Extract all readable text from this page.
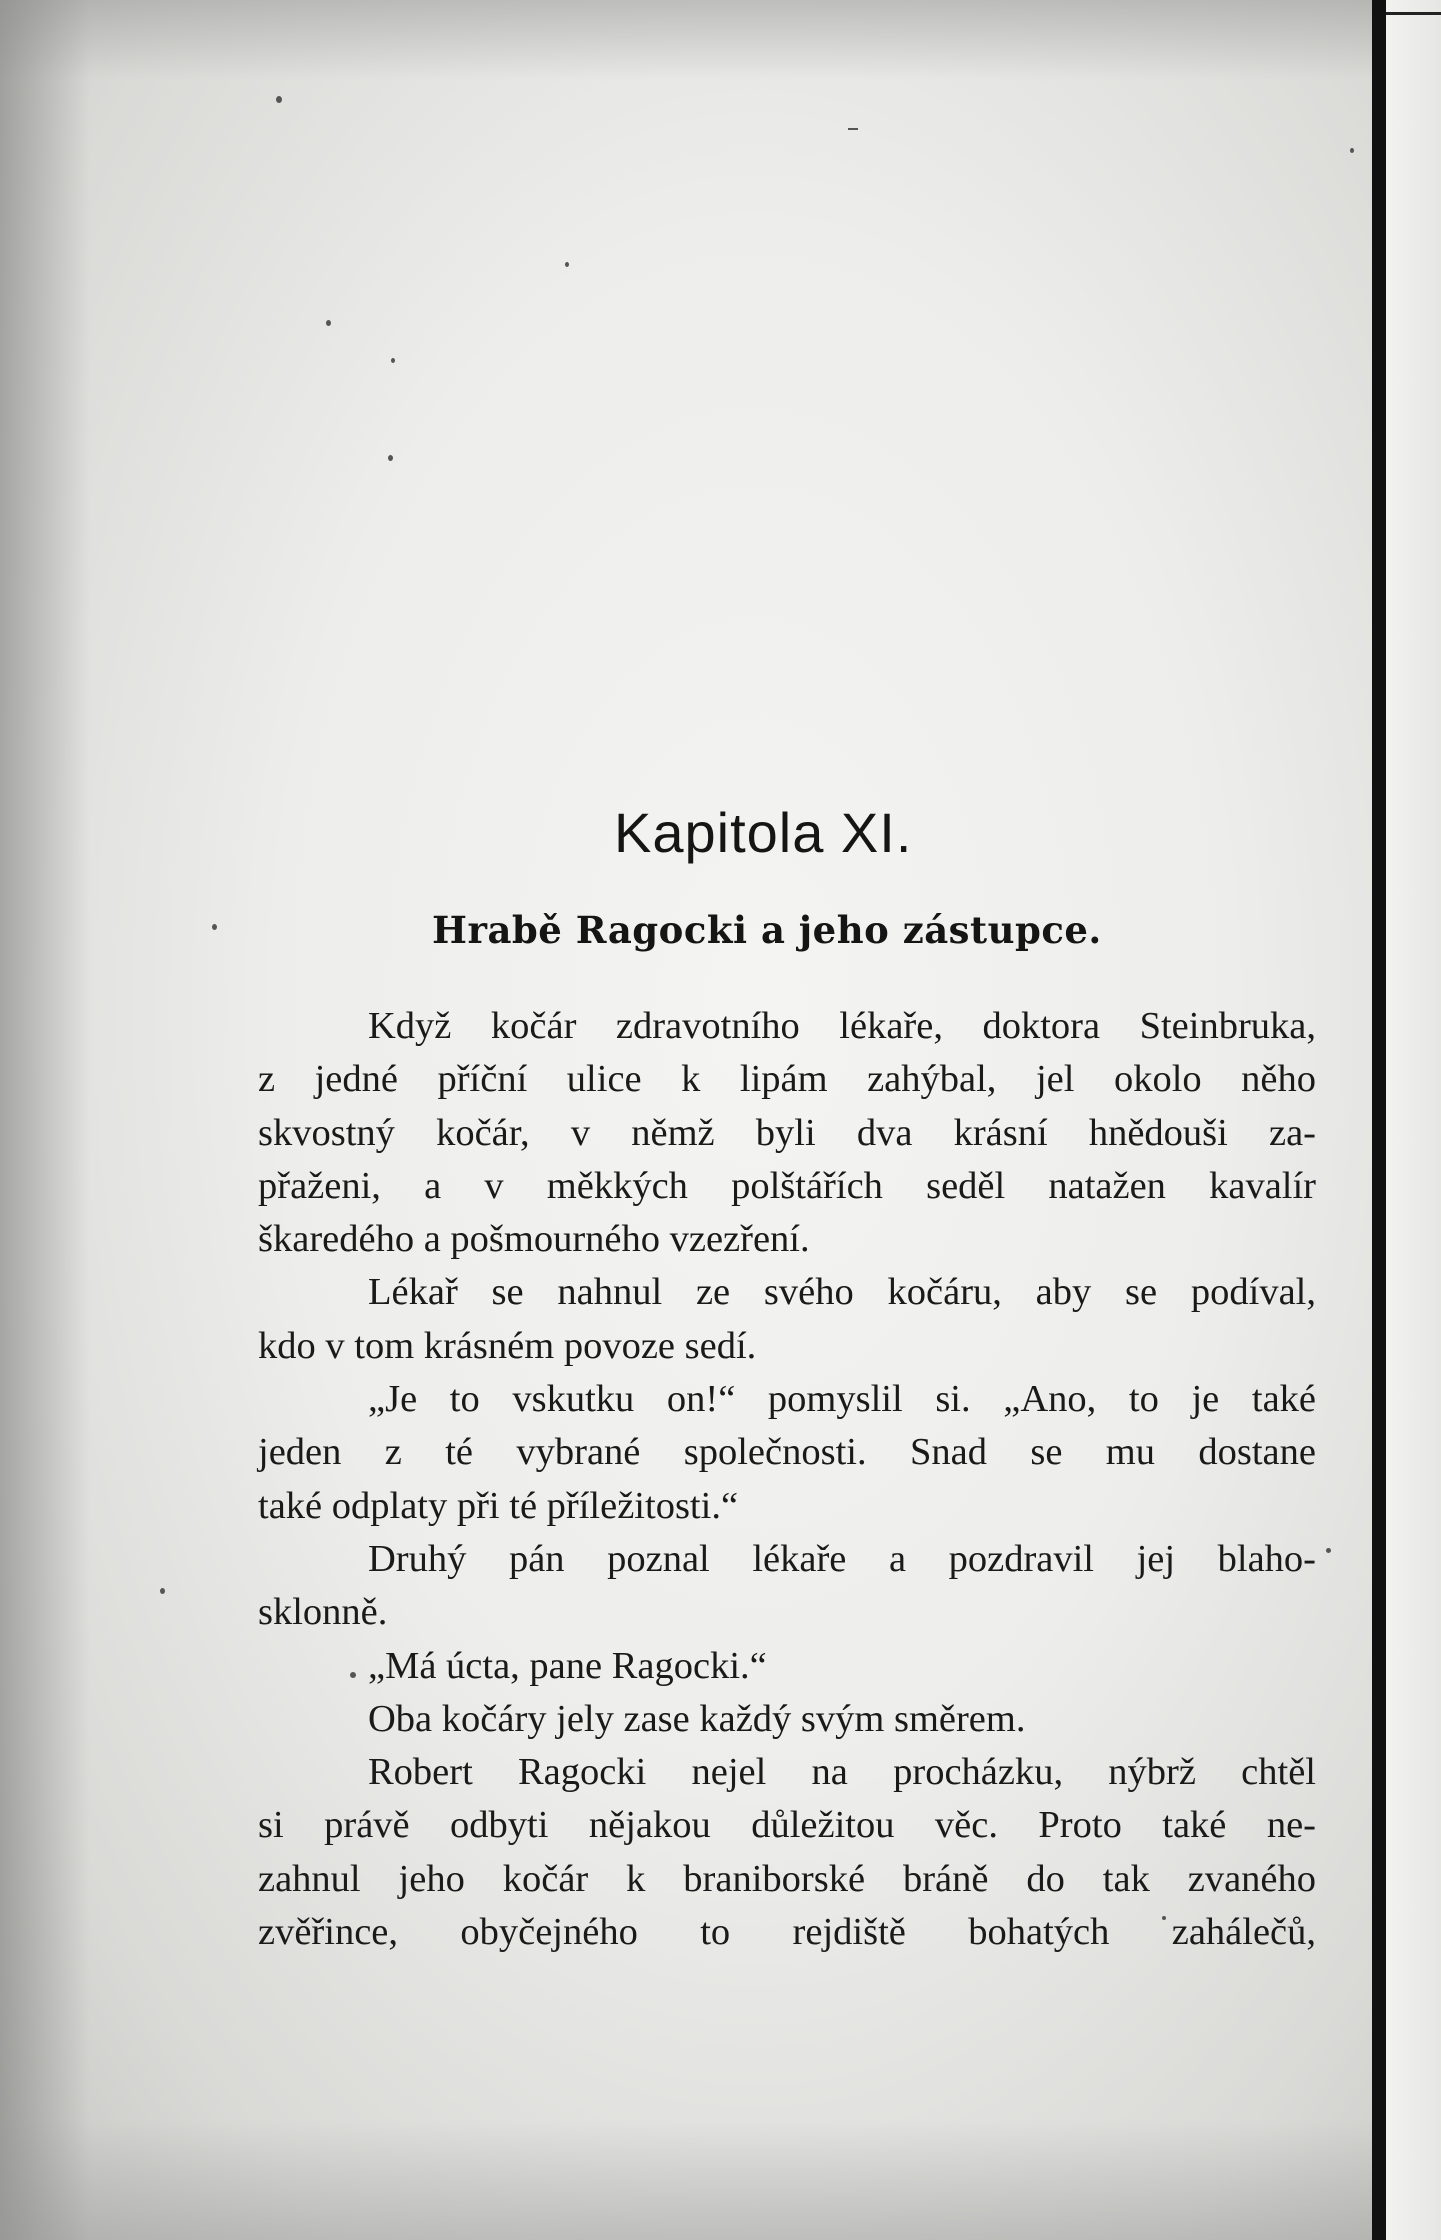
Kapitola XI.
Hrabě Ragocki a jeho zástupce.
Když kočár zdravotního lékaře, doktora Steinbruka,
z jedné příční ulice k lipám zahýbal, jel okolo něho
skvostný kočár, v němž byli dva krásní hnědouši za-
přaženi, a v měkkých polštářích seděl natažen kavalír
škaredého a pošmourného vzezření.
Lékař se nahnul ze svého kočáru, aby se podíval,
kdo v tom krásném povoze sedí.
„Je to vskutku on!“ pomyslil si. „Ano, to je také
jeden z té vybrané společnosti. Snad se mu dostane
také odplaty při té příležitosti.“
Druhý pán poznal lékaře a pozdravil jej blaho-
sklonně.
„Má úcta, pane Ragocki.“
Oba kočáry jely zase každý svým směrem.
Robert Ragocki nejel na procházku, nýbrž chtěl
si právě odbyti nějakou důležitou věc. Proto také ne-
zahnul jeho kočár k braniborské bráně do tak zvaného
zvěřince, obyčejného to rejdiště bohatých zahálečů,
